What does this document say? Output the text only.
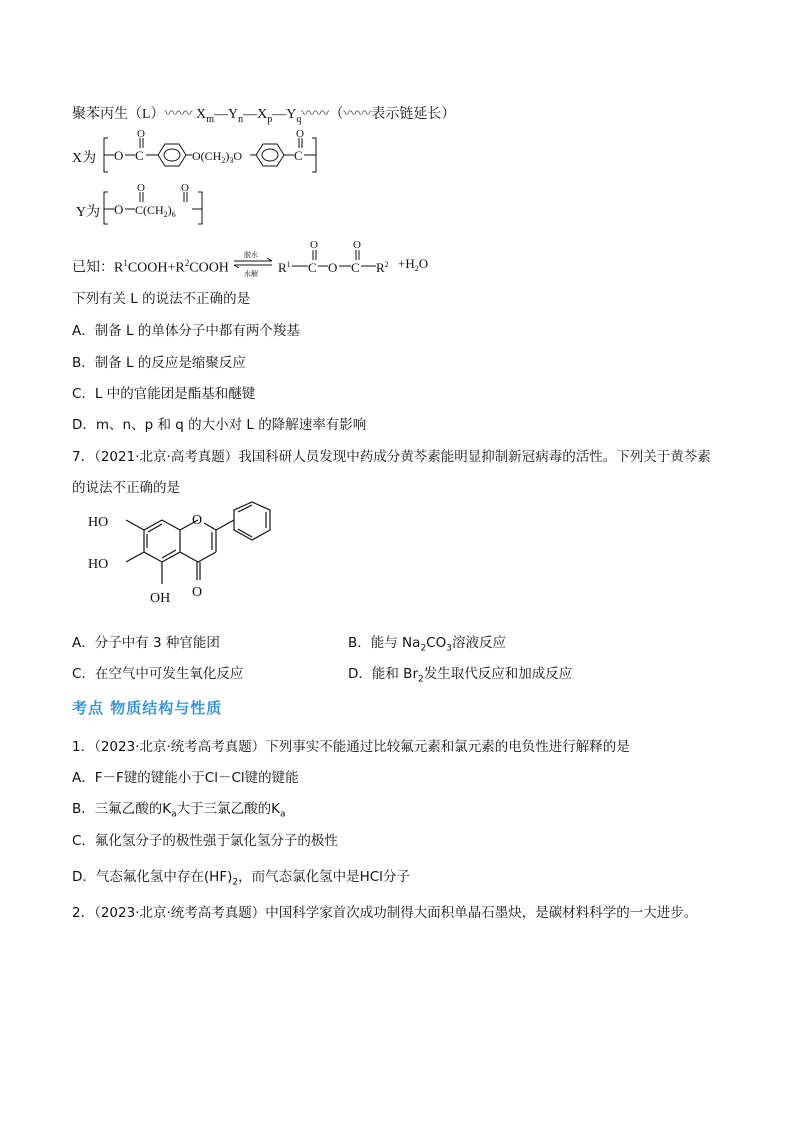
聚苯丙生（L）〰〰 $X_m—Y_n—X_p—Y_q$〰〰（〰〰表示链延长）
X为 O C
O
$O(CH_2)_3O$	C
O
Y为 O $C(CH_2)_6$
O	O
已知：$R^1COOH+R^2COOH$
脱水
水解 $R^1$ C
O
O C
O
$R^2 +H_2O$
下列有关 L 的说法不正确的是
A．制备 L 的单体分子中都有两个羧基
B．制备 L 的反应是缩聚反应
C．L 中的官能团是酯基和醚键
D．m、n、p 和 q 的大小对 L 的降解速率有影响
7．（2021·北京·高考真题）我国科研人员发现中药成分黄芩素能明显抑制新冠病毒的活性。下列关于黄芩素
的说法不正确的是
O
O
HO
HO
OH
A．分子中有 3 种官能团	B．能与 $Na_2CO_3$溶液反应
C．在空气中可发生氧化反应	D．能和 $Br_2$发生取代反应和加成反应
考点 物质结构与性质
1．（2023·北京·统考高考真题）下列事实不能通过比较氟元素和氯元素的电负性进行解释的是
A．F－F键的键能小于Cl－Cl键的键能
B．三氟乙酸的$K_a$大于三氯乙酸的$K_a$
C．氟化氢分子的极性强于氯化氢分子的极性
D．气态氟化氢中存在$(HF)_2$，而气态氯化氢中是HCl分子
2．（2023·北京·统考高考真题）中国科学家首次成功制得大面积单晶石墨炔，是碳材料科学的一大进步。
